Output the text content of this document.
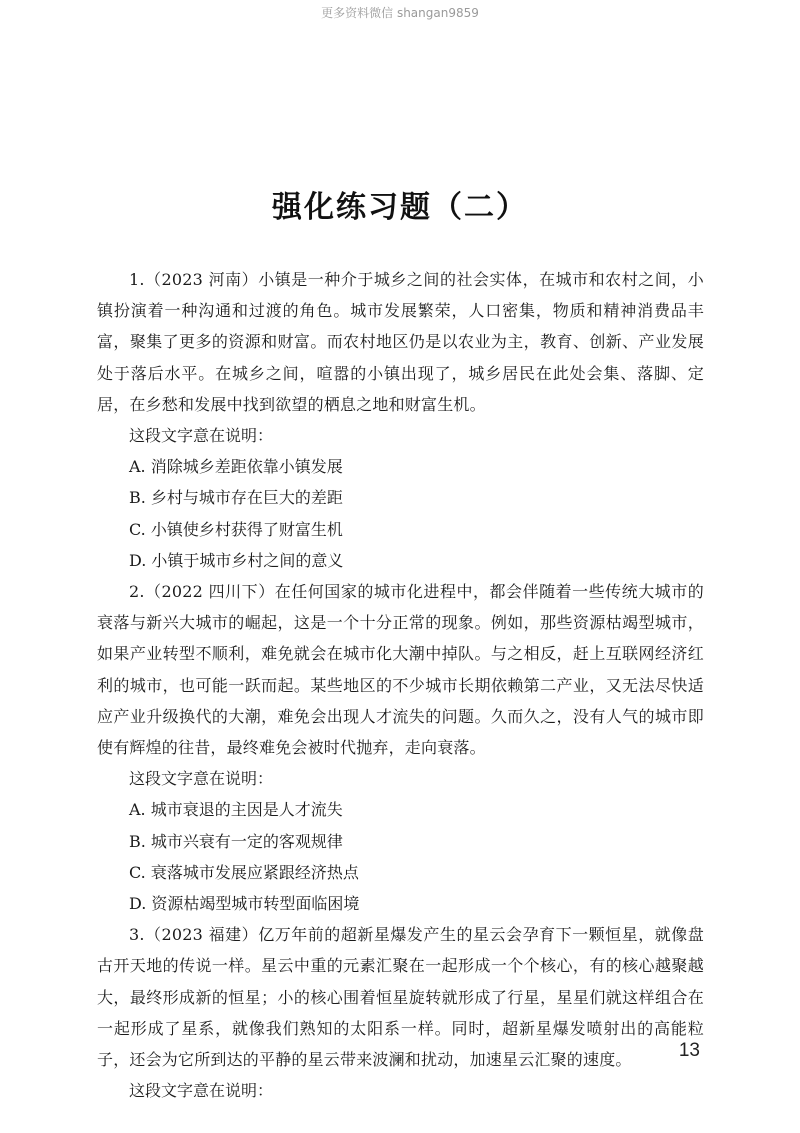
更多资料微信 shangan9859
强化练习题（二）

1.（2023 河南）小镇是一种介于城乡之间的社会实体，在城市和农村之间，小镇扮演着一种沟通和过渡的角色。城市发展繁荣，人口密集，物质和精神消费品丰富，聚集了更多的资源和财富。而农村地区仍是以农业为主，教育、创新、产业发展处于落后水平。在城乡之间，喧嚣的小镇出现了，城乡居民在此处会集、落脚、定居，在乡愁和发展中找到欲望的栖息之地和财富生机。

这段文字意在说明：

A. 消除城乡差距依靠小镇发展
B. 乡村与城市存在巨大的差距
C. 小镇使乡村获得了财富生机
D. 小镇于城市乡村之间的意义

2.（2022 四川下）在任何国家的城市化进程中，都会伴随着一些传统大城市的衰落与新兴大城市的崛起，这是一个十分正常的现象。例如，那些资源枯竭型城市，如果产业转型不顺利，难免就会在城市化大潮中掉队。与之相反，赶上互联网经济红利的城市，也可能一跃而起。某些地区的不少城市长期依赖第二产业，又无法尽快适应产业升级换代的大潮，难免会出现人才流失的问题。久而久之，没有人气的城市即使有辉煌的往昔，最终难免会被时代抛弃，走向衰落。

这段文字意在说明：

A. 城市衰退的主因是人才流失
B. 城市兴衰有一定的客观规律
C. 衰落城市发展应紧跟经济热点
D. 资源枯竭型城市转型面临困境

3.（2023 福建）亿万年前的超新星爆发产生的星云会孕育下一颗恒星，就像盘古开天地的传说一样。星云中重的元素汇聚在一起形成一个个核心，有的核心越聚越大，最终形成新的恒星；小的核心围着恒星旋转就形成了行星，星星们就这样组合在一起形成了星系，就像我们熟知的太阳系一样。同时，超新星爆发喷射出的高能粒子，还会为它所到达的平静的星云带来波澜和扰动，加速星云汇聚的速度。

这段文字意在说明：

13
